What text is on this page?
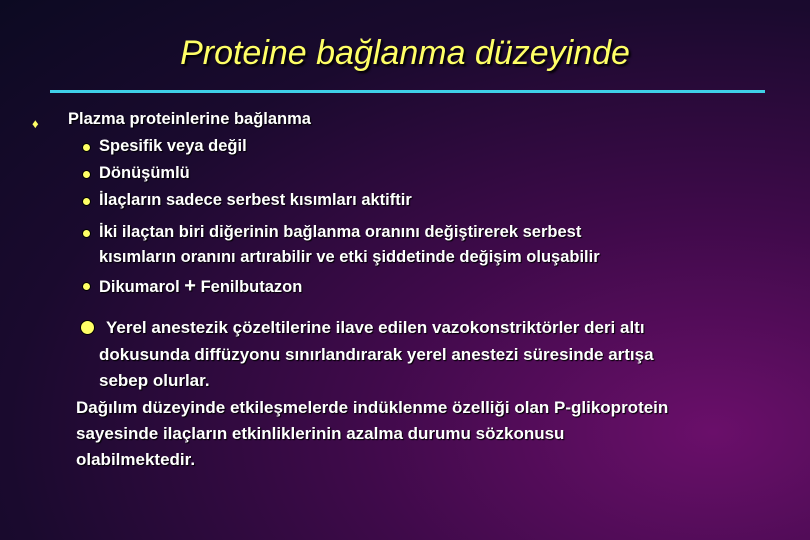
Proteine bağlanma düzeyinde
♦ Plazma proteinlerine bağlanma
Spesifik veya değil
Dönüşümlü
İlaçların sadece serbest kısımları aktiftir
İki ilaçtan biri diğerinin bağlanma oranını değiştirerek serbest
kısımların oranını artırabilir ve etki şiddetinde değişim oluşabilir
Dikumarol + Fenilbutazon
Yerel anestezik çözeltilerine ilave edilen vazokonstriktörler deri altı
dokusunda diffüzyonu sınırlandırarak yerel anestezi süresinde artışa
sebep olurlar.
Dağılım düzeyinde etkileşmelerde indüklenme özelliği olan P-glikoprotein
sayesinde ilaçların etkinliklerinin azalma durumu sözkonusu
olabilmektedir.
